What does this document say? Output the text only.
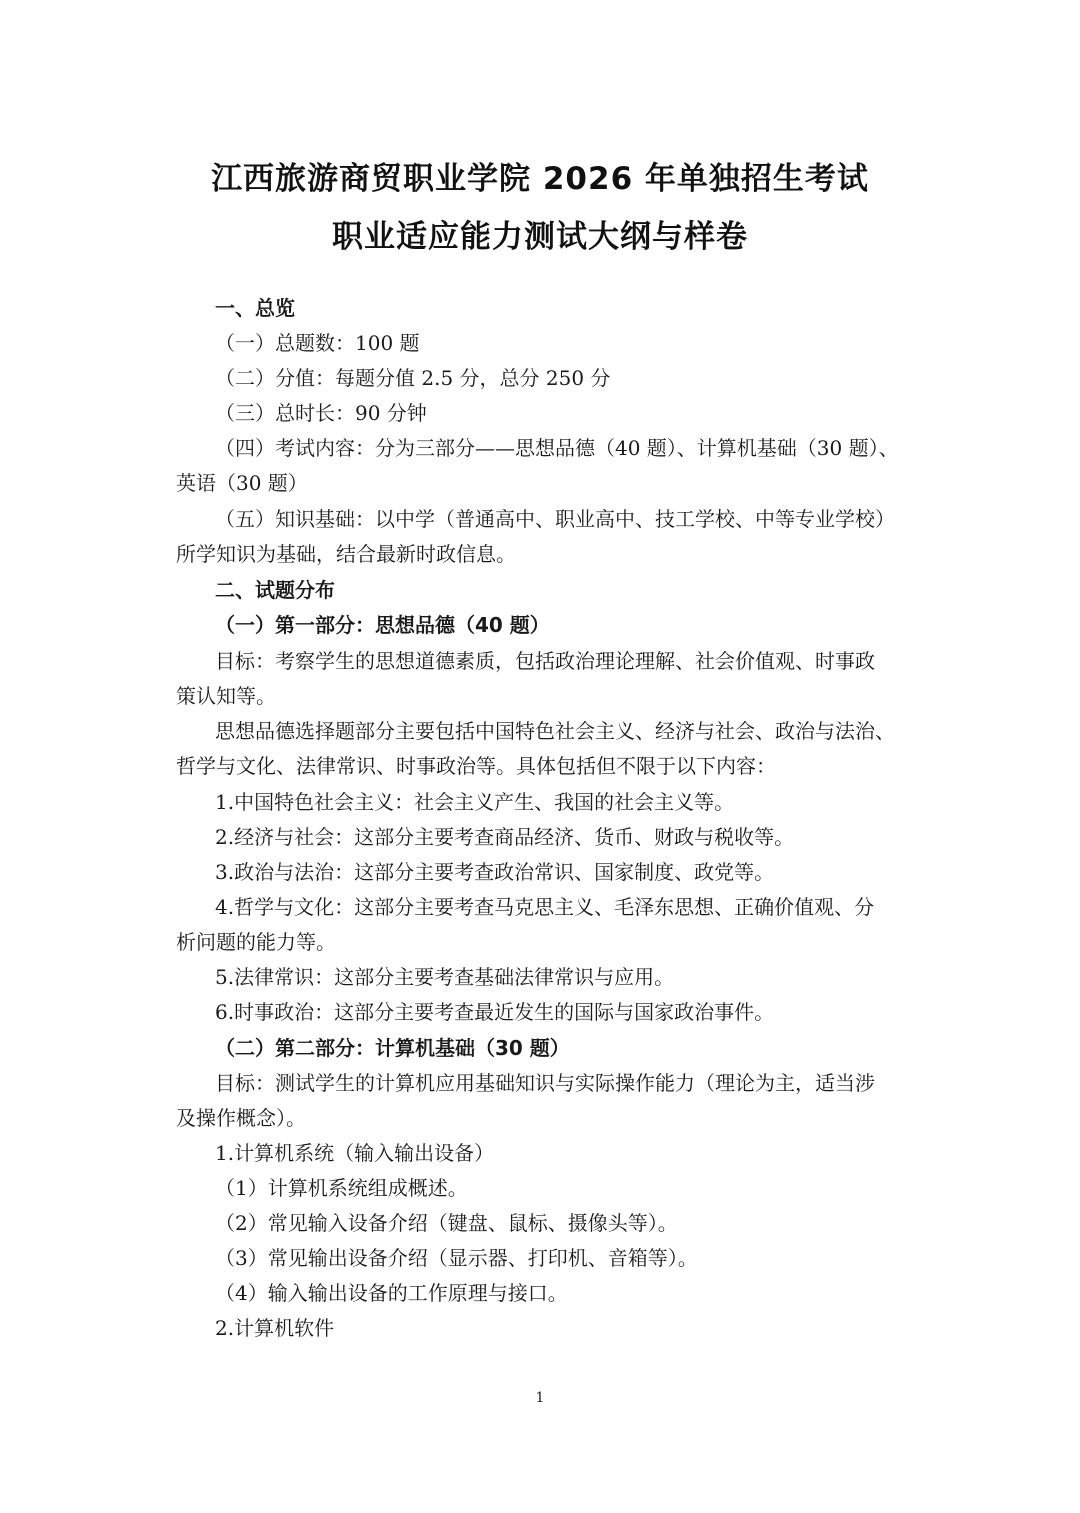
江西旅游商贸职业学院 2026 年单独招生考试
职业适应能力测试大纲与样卷
一、总览
（一）总题数：100 题
（二）分值：每题分值 2.5 分，总分 250 分
（三）总时长：90 分钟
（四）考试内容：分为三部分——思想品德（40 题）、计算机基础（30 题）、
英语（30 题）
（五）知识基础：以中学（普通高中、职业高中、技工学校、中等专业学校）
所学知识为基础，结合最新时政信息。
二、试题分布
（一）第一部分：思想品德（40 题）
目标：考察学生的思想道德素质，包括政治理论理解、社会价值观、时事政
策认知等。
思想品德选择题部分主要包括中国特色社会主义、经济与社会、政治与法治、
哲学与文化、法律常识、时事政治等。具体包括但不限于以下内容：
1.中国特色社会主义：社会主义产生、我国的社会主义等。
2.经济与社会：这部分主要考查商品经济、货币、财政与税收等。
3.政治与法治：这部分主要考查政治常识、国家制度、政党等。
4.哲学与文化：这部分主要考查马克思主义、毛泽东思想、正确价值观、分
析问题的能力等。
5.法律常识：这部分主要考查基础法律常识与应用。
6.时事政治：这部分主要考查最近发生的国际与国家政治事件。
（二）第二部分：计算机基础（30 题）
目标：测试学生的计算机应用基础知识与实际操作能力（理论为主，适当涉
及操作概念）。
1.计算机系统（输入输出设备）
（1）计算机系统组成概述。
（2）常见输入设备介绍（键盘、鼠标、摄像头等）。
（3）常见输出设备介绍（显示器、打印机、音箱等）。
（4）输入输出设备的工作原理与接口。
2.计算机软件
1
